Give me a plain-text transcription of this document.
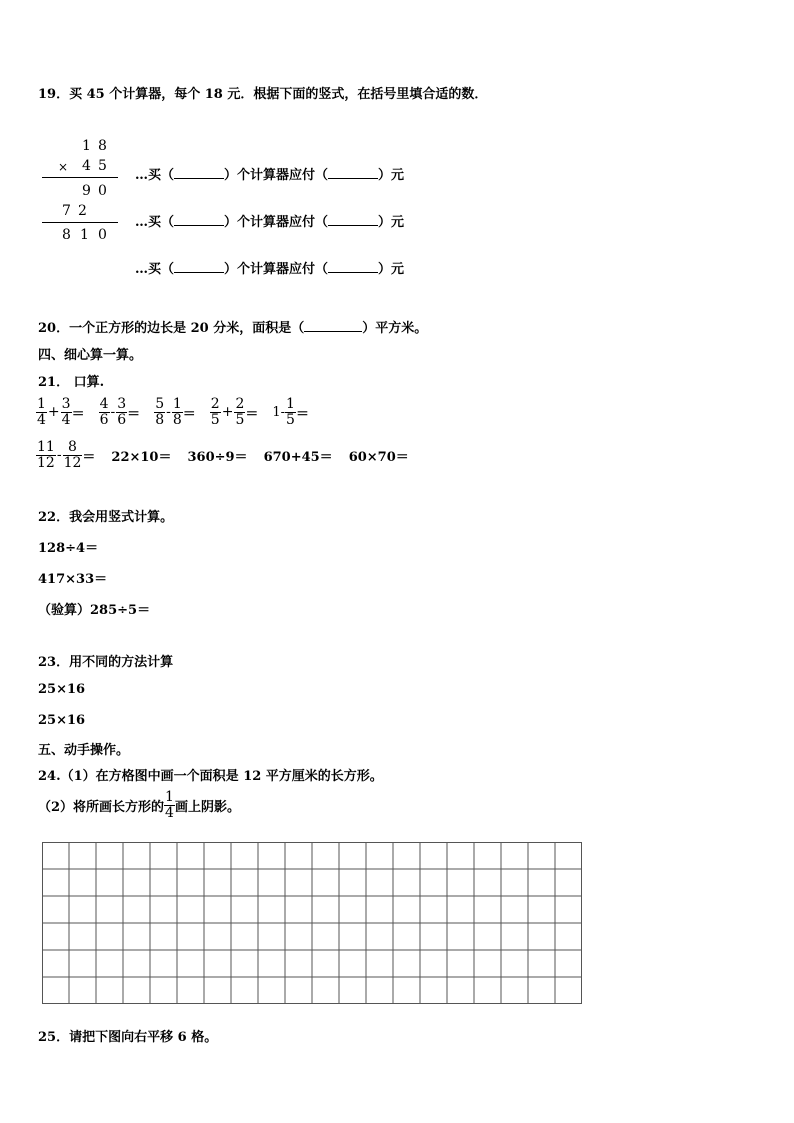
19．买 45 个计算器，每个 18 元．根据下面的竖式，在括号里填合适的数．
1 8
× 4 5
9 0
7 2
8 1 0
…买（	）个计算器应付（	）元
…买（	）个计算器应付（	）元
…买（	）个计算器应付（	）元
20．一个正方形的边长是 20 分米，面积是（	）平方米。
四、细心算一算。
21． 口算.
$\frac{1}{4} + \frac{3}{4} = \frac{4}{6} - \frac{3}{6} = \frac{5}{8} - \frac{1}{8} = \frac{2}{5} + \frac{2}{5} = 1- \frac{1}{5}$ ＝
$\frac{11}{12} - \frac{8}{12} = 22\times 10= 360\div 9= 670+45= 60\times 70=$
22．我会用竖式计算。
128÷4＝
417×33＝
（验算）285÷5＝
23．用不同的方法计算
25×16
25×16
五、动手操作。
24.（1）在方格图中画一个面积是 12 平方厘米的长方形。
（2）将所画长方形的 $\frac{1}{4}$ 画上阴影。
25．请把下图向右平移 6 格。
